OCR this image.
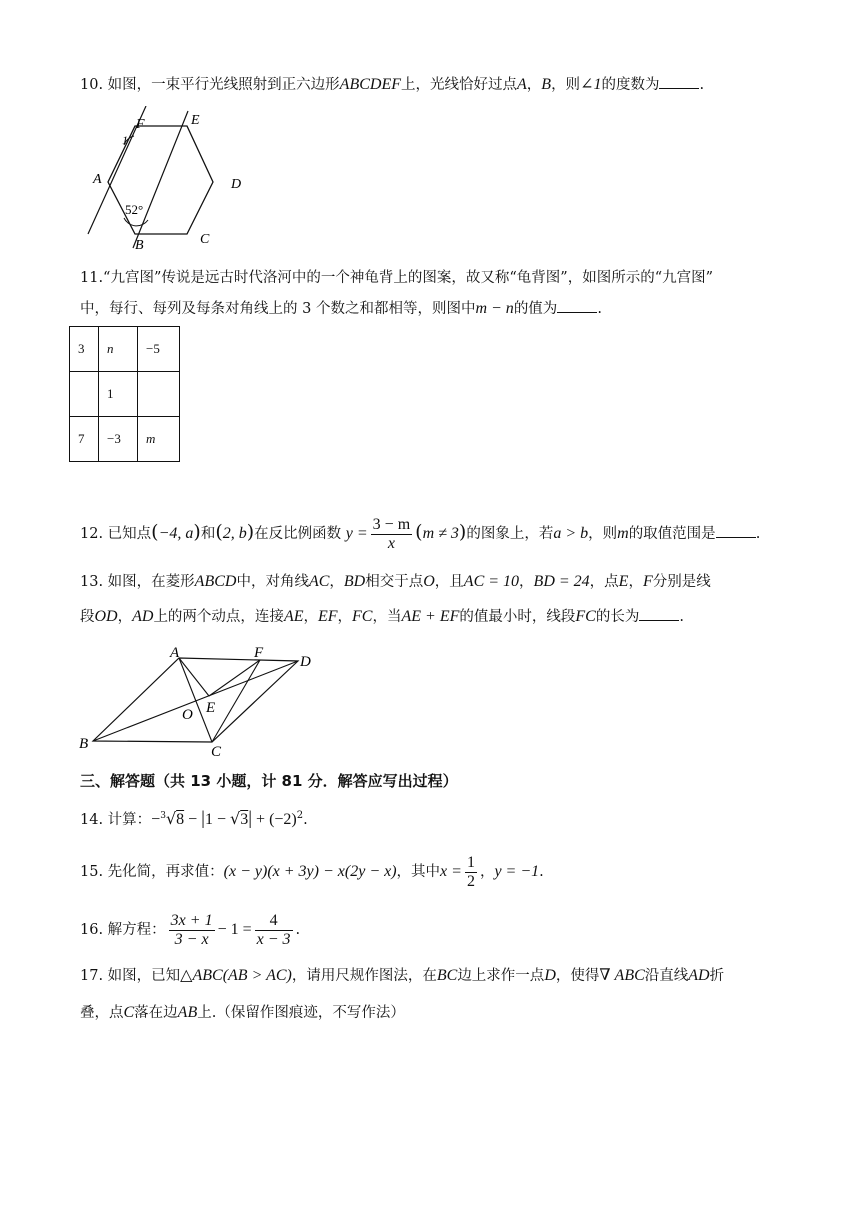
10. 如图，一束平行光线照射到正六边形ABCDEF上，光线恰好过点A，B，则∠1的度数为	.
F	E
D
C
B
A
1
52°
11.“九宫图”传说是远古时代洛河中的一个神龟背上的图案，故又称“龟背图”，如图所示的“九宫图”
中，每行、每列及每条对角线上的 3 个数之和都相等，则图中m − n的值为	.
3	n	−5
	1	
7	−3	m
12. 已知点(−4, a)和(2, b)在反比例函数 $y = \frac{3 - m}{x} (m \ne 3)$的图象上，若a > b，则m的取值范围是	.
13. 如图，在菱形ABCD中，对角线AC，BD相交于点O，且AC = 10，BD = 24，点E，F分别是线
段OD，AD上的两个动点，连接AE，EF，FC，当AE + EF的值最小时，线段FC的长为	.
A	F
D
E
O
B	C
三、解答题（共 13 小题，计 81 分．解答应写出过程）
14. 计算：$-^3√8 - |1 - √3| + (-2)^2$.
15. 先化简，再求值：(x − y)(x + 3y) − x(2y − x)，其中$x = \frac{1}{2}$ ，y = −1.
16. 解方程： $\frac{3x + 1}{3 - x} - 1 = \frac{4}{x - 3}$ .
17. 如图，已知△ABC(AB > AC)，请用尺规作图法，在BC边上求作一点D，使得∇ ABC沿直线AD折
叠，点C落在边AB上.（保留作图痕迹，不写作法）
